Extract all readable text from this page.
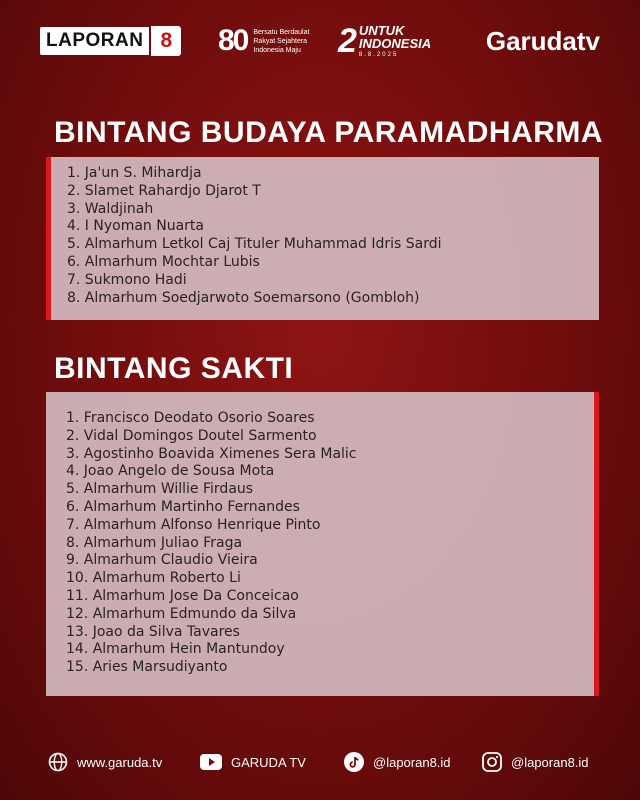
LAPORAN 8	80 Bersatu Berdaulat
Rakyat Sejahtera
Indonesia Maju 2 UNTUK
INDONESIA
8.8.2025	Garudatv
BINTANG BUDAYA PARAMADHARMA
1. Ja'un S. Mihardja
2. Slamet Rahardjo Djarot T
3. Waldjinah
4. I Nyoman Nuarta
5. Almarhum Letkol Caj Tituler Muhammad Idris Sardi
6. Almarhum Mochtar Lubis
7. Sukmono Hadi
8. Almarhum Soedjarwoto Soemarsono (Gombloh)
BINTANG SAKTI
1. Francisco Deodato Osorio Soares
2. Vidal Domingos Doutel Sarmento
3. Agostinho Boavida Ximenes Sera Malic
4. Joao Angelo de Sousa Mota
5. Almarhum Willie Firdaus
6. Almarhum Martinho Fernandes
7. Almarhum Alfonso Henrique Pinto
8. Almarhum Juliao Fraga
9. Almarhum Claudio Vieira
10. Almarhum Roberto Li
11. Almarhum Jose Da Conceicao
12. Almarhum Edmundo da Silva
13. Joao da Silva Tavares
14. Almarhum Hein Mantundoy
15. Aries Marsudiyanto
www.garuda.tv	GARUDA TV	@laporan8.id	@laporan8.id
